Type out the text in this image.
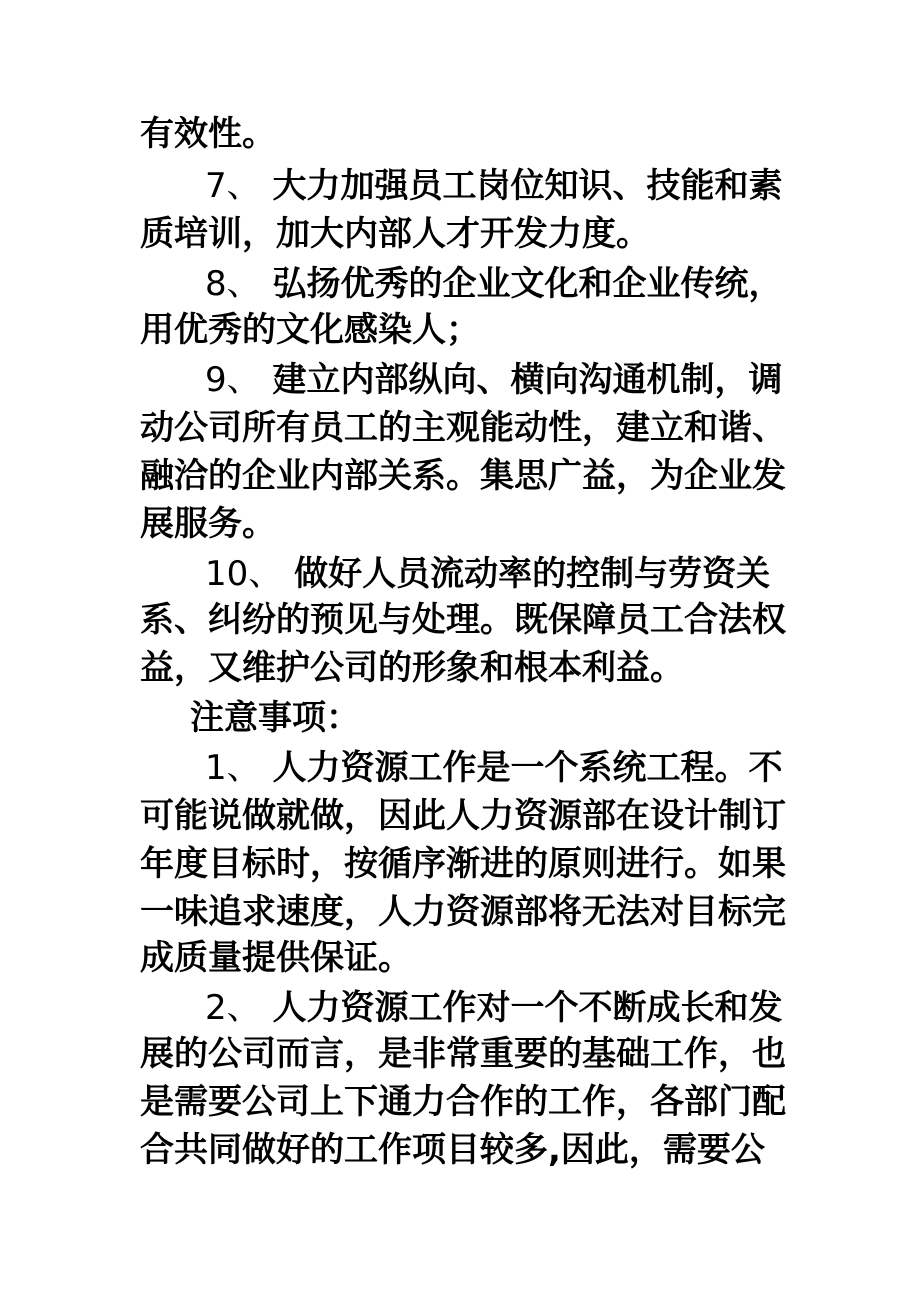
有效性。
7、 大力加强员工岗位知识、技能和素
质培训，加大内部人才开发力度。
8、 弘扬优秀的企业文化和企业传统，
用优秀的文化感染人；
9、 建立内部纵向、横向沟通机制，调
动公司所有员工的主观能动性，建立和谐、
融洽的企业内部关系。集思广益，为企业发
展服务。
10、 做好人员流动率的控制与劳资关
系、纠纷的预见与处理。既保障员工合法权
益，又维护公司的形象和根本利益。
注意事项：
1、 人力资源工作是一个系统工程。不
可能说做就做，因此人力资源部在设计制订
年度目标时，按循序渐进的原则进行。如果
一味追求速度，人力资源部将无法对目标完
成质量提供保证。
2、 人力资源工作对一个不断成长和发
展的公司而言，是非常重要的基础工作，也
是需要公司上下通力合作的工作，各部门配
合共同做好的工作项目较多,因此，需要公
